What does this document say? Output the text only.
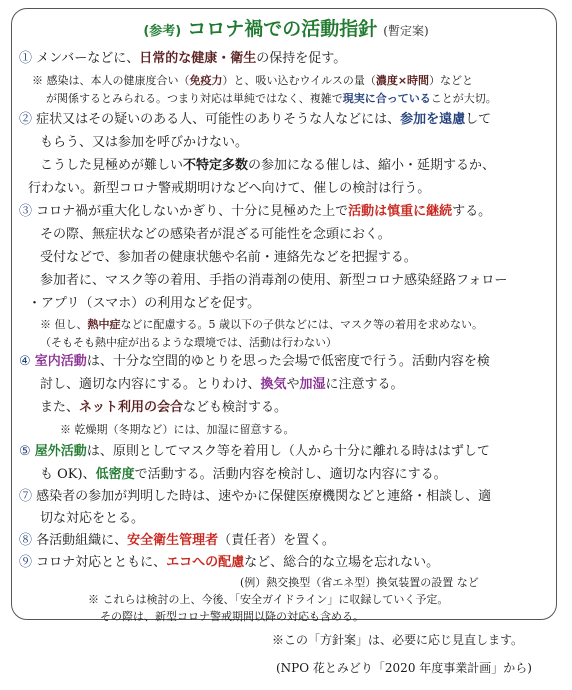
(参考) コロナ禍での活動指針 (暫定案)
① メンバーなどに、日常的な健康・衛生の保持を促す。
※ 感染は、本人の健康度合い（免疫力）と、吸い込むウイルスの量（濃度×時間）などと
が関係するとみられる。つまり対応は単純ではなく、複雑で現実に合っていることが大切。
② 症状又はその疑いのある人、可能性のありそうな人などには、参加を遠慮して
もらう、又は参加を呼びかけない。
こうした見極めが難しい不特定多数の参加になる催しは、縮小・延期するか、
行わない。新型コロナ警戒期明けなどへ向けて、催しの検討は行う。
③ コロナ禍が重大化しないかぎり、十分に見極めた上で活動は慎重に継続する。
その際、無症状などの感染者が混ざる可能性を念頭におく。
受付などで、参加者の健康状態や名前・連絡先などを把握する。
参加者に、マスク等の着用、手指の消毒剤の使用、新型コロナ感染経路フォロー
・アプリ（スマホ）の利用などを促す。
※ 但し、熱中症などに配慮する。5 歳以下の子供などには、マスク等の着用を求めない。
（そもそも熱中症が出るような環境では、活動は行わない）
④ 室内活動は、十分な空間的ゆとりを思った会場で低密度で行う。活動内容を検
討し、適切な内容にする。とりわけ、換気や加湿に注意する。
また、ネット利用の会合なども検討する。
※ 乾燥期（冬期など）には、加湿に留意する。
⑤ 屋外活動は、原則としてマスク等を着用し（人から十分に離れる時ははずして
も OK)、低密度で活動する。活動内容を検討し、適切な内容にする。
⑦ 感染者の参加が判明した時は、速やかに保健医療機関などと連絡・相談し、適
切な対応をとる。
⑧ 各活動組織に、安全衛生管理者（責任者）を置く。
⑨ コロナ対応とともに、エコへの配慮など、総合的な立場を忘れない。
(例）熱交換型（省エネ型）換気装置の設置 など
※ これらは検討の上、今後、「安全ガイドライン」に収録していく予定。
その際は、新型コロナ警戒期間以降の対応も含める。
※この「方針案」は、必要に応じ見直します。
(NPO 花とみどり「2020 年度事業計画」から)
